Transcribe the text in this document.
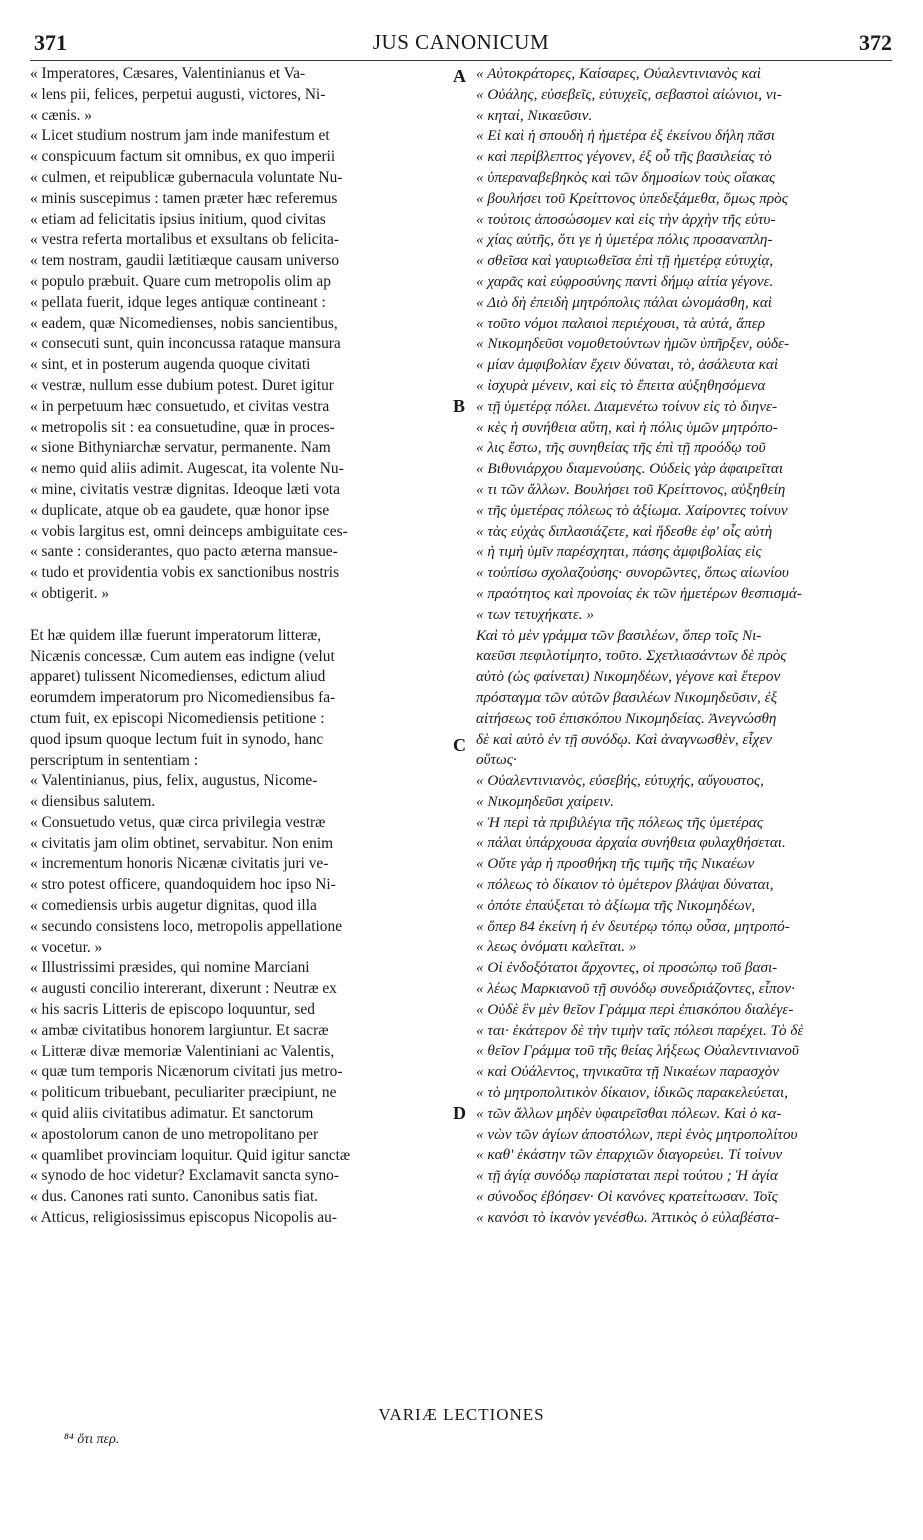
371	JUS CANONICUM	372
« Imperatores, Cæsares, Valentinianus et Va-
« lens pii, felices, perpetui augusti, victores, Ni-
« cænis. »
« Licet studium nostrum jam inde manifestum et
« conspicuum factum sit omnibus, ex quo imperii
« culmen, et reipublicæ gubernacula voluntate Nu-
« minis suscepimus : tamen præter hæc referemus
« etiam ad felicitatis ipsius initium, quod civitas
« vestra referta mortalibus et exsultans ob felicita-
« tem nostram, gaudii lætitiæque causam universo
« populo præbuit. Quare cum metropolis olim ap
« pellata fuerit, idque leges antiquæ contineant :
« eadem, quæ Nicomedienses, nobis sancientibus,
« consecuti sunt, quin inconcussa rataque mansura
« sint, et in posterum augenda quoque civitati
« vestræ, nullum esse dubium potest. Duret igitur
« in perpetuum hæc consuetudo, et civitas vestra
« metropolis sit : ea consuetudine, quæ in proces-
« sione Bithyniarchæ servatur, permanente. Nam
« nemo quid aliis adimit. Augescat, ita volente Nu-
« mine, civitatis vestræ dignitas. Ideoque læti vota
« duplicate, atque ob ea gaudete, quæ honor ipse
« vobis largitus est, omni deinceps ambiguitate ces-
« sante : considerantes, quo pacto æterna mansue-
« tudo et providentia vobis ex sanctionibus nostris
« obtigerit. »
Et hæ quidem illæ fuerunt imperatorum litteræ,
Nicænis concessæ. Cum autem eas indigne (velut
apparet) tulissent Nicomedienses, edictum aliud
eorumdem imperatorum pro Nicomediensibus fa-
ctum fuit, ex episcopi Nicomediensis petitione :
quod ipsum quoque lectum fuit in synodo, hanc
perscriptum in sententiam :
« Valentinianus, pius, felix, augustus, Nicome-
« diensibus salutem.
« Consuetudo vetus, quæ circa privilegia vestræ
« civitatis jam olim obtinet, servabitur. Non enim
« incrementum honoris Nicænæ civitatis juri ve-
« stro potest officere, quandoquidem hoc ipso Ni-
« comediensis urbis augetur dignitas, quod illa
« secundo consistens loco, metropolis appellatione
« vocetur. »
« Illustrissimi præsides, qui nomine Marciani
« augusti concilio intererant, dixerunt : Neutræ ex
« his sacris Litteris de episcopo loquuntur, sed
« ambæ civitatibus honorem largiuntur. Et sacræ
« Litteræ divæ memoriæ Valentiniani ac Valentis,
« quæ tum temporis Nicænorum civitati jus metro-
« politicum tribuebant, peculiariter præcipiunt, ne
« quid aliis civitatibus adimatur. Et sanctorum
« apostolorum canon de uno metropolitano per
« quamlibet provinciam loquitur. Quid igitur sanctæ
« synodo de hoc videtur? Exclamavit sancta syno-
« dus. Canones rati sunto. Canonibus satis fiat.
« Atticus, religiosissimus episcopus Nicopolis au-
« Αὐτοκράτορες, Καίσαρες, Οὐαλεντινιανὸς καὶ
« Οὐάλης, εὐσεβεῖς, εὐτυχεῖς, σεβαστοὶ αἰώνιοι, νι-
« κηταί, Νικαεῦσιν.
« Εἰ καὶ ἡ σπουδὴ ἡ ἡμετέρα ἐξ ἐκείνου δήλη πᾶσι
« καὶ περίβλεπτος γέγονεν, ἐξ οὗ τῆς βασιλείας τὸ
« ὑπεραναβεβηκὸς καὶ τῶν δημοσίων τοὺς οἴακας
« βουλήσει τοῦ Κρείττονος ὑπεδεξάμεθα, ὅμως πρὸς
« τούτοις ἀποσώσομεν καὶ εἰς τὴν ἀρχὴν τῆς εὐτυ-
« χίας αὐτῆς, ὅτι γε ἡ ὑμετέρα πόλις προσαναπλη-
« σθεῖσα καὶ γαυριωθεῖσα ἐπὶ τῇ ἡμετέρᾳ εὐτυχίᾳ,
« χαρᾶς καὶ εὐφροσύνης παντὶ δήμῳ αἰτία γέγονε.
« Διὸ δὴ ἐπειδὴ μητρόπολις πάλαι ὠνομάσθη, καὶ
« τοῦτο νόμοι παλαιοὶ περιέχουσι, τὰ αὐτά, ἅπερ
« Νικομηδεῦσι νομοθετούντων ἡμῶν ὑπῆρξεν, οὐδε-
« μίαν ἀμφιβολίαν ἔχειν δύναται, τὸ, ἀσάλευτα καὶ
« ἰσχυρὰ μένειν, καὶ εἰς τὸ ἔπειτα αὐξηθησόμενα
« τῇ ὑμετέρᾳ πόλει. Διαμενέτω τοίνυν εἰς τὸ διηνε-
« κὲς ἡ συνήθεια αὕτη, καὶ ἡ πόλις ὑμῶν μητρόπο-
« λις ἔστω, τῆς συνηθείας τῆς ἐπὶ τῇ προόδῳ τοῦ
« Βιθυνιάρχου διαμενούσης. Οὐδεὶς γὰρ ἀφαιρεῖται
« τι τῶν ἄλλων. Βουλήσει τοῦ Κρείττονος, αὐξηθείη
« τῆς ὑμετέρας πόλεως τὸ ἀξίωμα. Χαίροντες τοίνυν
« τὰς εὐχὰς διπλασιάζετε, καὶ ἥδεσθε ἐφ' οἷς αὐτὴ
« ἡ τιμὴ ὑμῖν παρέσχηται, πάσης ἀμφιβολίας εἰς
« τοὐπίσω σχολαζούσης· συνορῶντες, ὅπως αἰωνίου
« πραότητος καὶ προνοίας ἐκ τῶν ἡμετέρων θεσπισμά-
« των τετυχήκατε. »
Καὶ τὸ μὲν γράμμα τῶν βασιλέων, ὅπερ τοῖς Νι-
καεῦσι πεφιλοτίμητο, τοῦτο. Σχετλιασάντων δὲ πρὸς
αὐτὸ (ὡς φαίνεται) Νικομηδέων, γέγονε καὶ ἕτερον
πρόσταγμα τῶν αὐτῶν βασιλέων Νικομηδεῦσιν, ἐξ
αἰτήσεως τοῦ ἐπισκόπου Νικομηδείας. Ἀνεγνώσθη
δὲ καὶ αὐτὸ ἐν τῇ συνόδῳ. Καὶ ἀναγνωσθὲν, εἶχεν
οὕτως·
« Οὐαλεντινιανὸς, εὐσεβής, εὐτυχής, αὔγουστος,
« Νικομηδεῦσι χαίρειν.
« Ἡ περὶ τὰ πριβιλέγια τῆς πόλεως τῆς ὑμετέρας
« πάλαι ὑπάρχουσα ἀρχαία συνήθεια φυλαχθήσεται.
« Οὔτε γὰρ ἡ προσθήκη τῆς τιμῆς τῆς Νικαέων
« πόλεως τὸ δίκαιον τὸ ὑμέτερον βλάψαι δύναται,
« ὁπότε ἐπαύξεται τὸ ἀξίωμα τῆς Νικομηδέων,
« ὅπερ 84 ἐκείνη ἡ ἐν δευτέρῳ τόπῳ οὖσα, μητροπό-
« λεως ὀνόματι καλεῖται. »
« Οἱ ἐνδοξότατοι ἄρχοντες, οἱ προσώπῳ τοῦ βασι-
« λέως Μαρκιανοῦ τῇ συνόδῳ συνεδριάζοντες, εἶπον·
« Οὐδὲ ἓν μὲν θεῖον Γράμμα περὶ ἐπισκόπου διαλέγε-
« ται· ἑκάτερον δὲ τὴν τιμὴν ταῖς πόλεσι παρέχει. Τὸ δὲ
« θεῖον Γράμμα τοῦ τῆς θείας λήξεως Οὐαλεντινιανοῦ
« καὶ Οὐάλεντος, τηνικαῦτα τῇ Νικαέων παρασχὸν
« τὸ μητροπολιτικὸν δίκαιον, ἰδικῶς παρακελεύεται,
« τῶν ἄλλων μηδὲν ὑφαιρεῖσθαι πόλεων. Καὶ ὁ κα-
« νὼν τῶν ἁγίων ἀποστόλων, περὶ ἑνὸς μητροπολίτου
« καθ' ἑκάστην τῶν ἐπαρχιῶν διαγορεύει. Τί τοίνυν
« τῇ ἁγίᾳ συνόδῳ παρίσταται περὶ τούτου ; Ἡ ἁγία
« σύνοδος ἐβόησεν· Οἱ κανόνες κρατείτωσαν. Τοῖς
« κανόσι τὸ ἱκανὸν γενέσθω. Ἀττικὸς ὁ εὐλαβέστα-
A
B
C
D
VARIÆ LECTIONES
⁸⁴ ὅτι περ.
